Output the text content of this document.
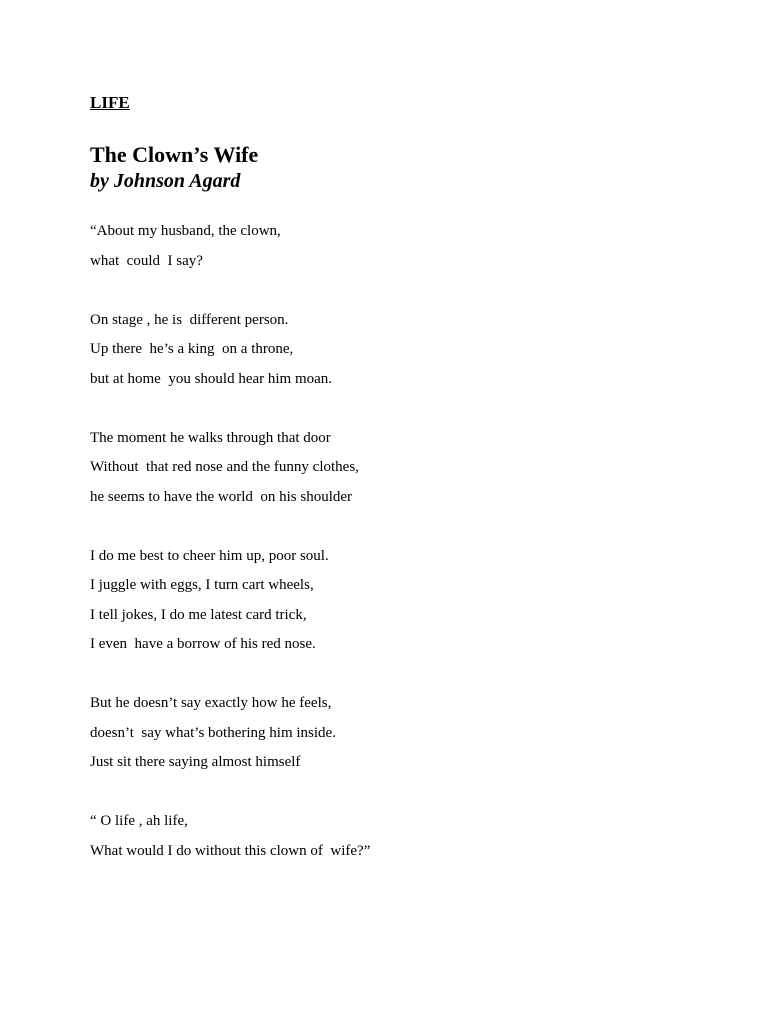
LIFE

The Clown’s Wife

by Johnson Agard

“About my husband, the clown,

what  could  I say?

On stage , he is  different person.

Up there  he’s a king  on a throne,

but at home  you should hear him moan.

The moment he walks through that door

Without  that red nose and the funny clothes,

he seems to have the world  on his shoulder

I do me best to cheer him up, poor soul.

I juggle with eggs, I turn cart wheels,

I tell jokes, I do me latest card trick,

I even  have a borrow of his red nose.

But he doesn’t say exactly how he feels,

doesn’t  say what’s bothering him inside.

Just sit there saying almost himself

“ O life , ah life,

What would I do without this clown of  wife?”
